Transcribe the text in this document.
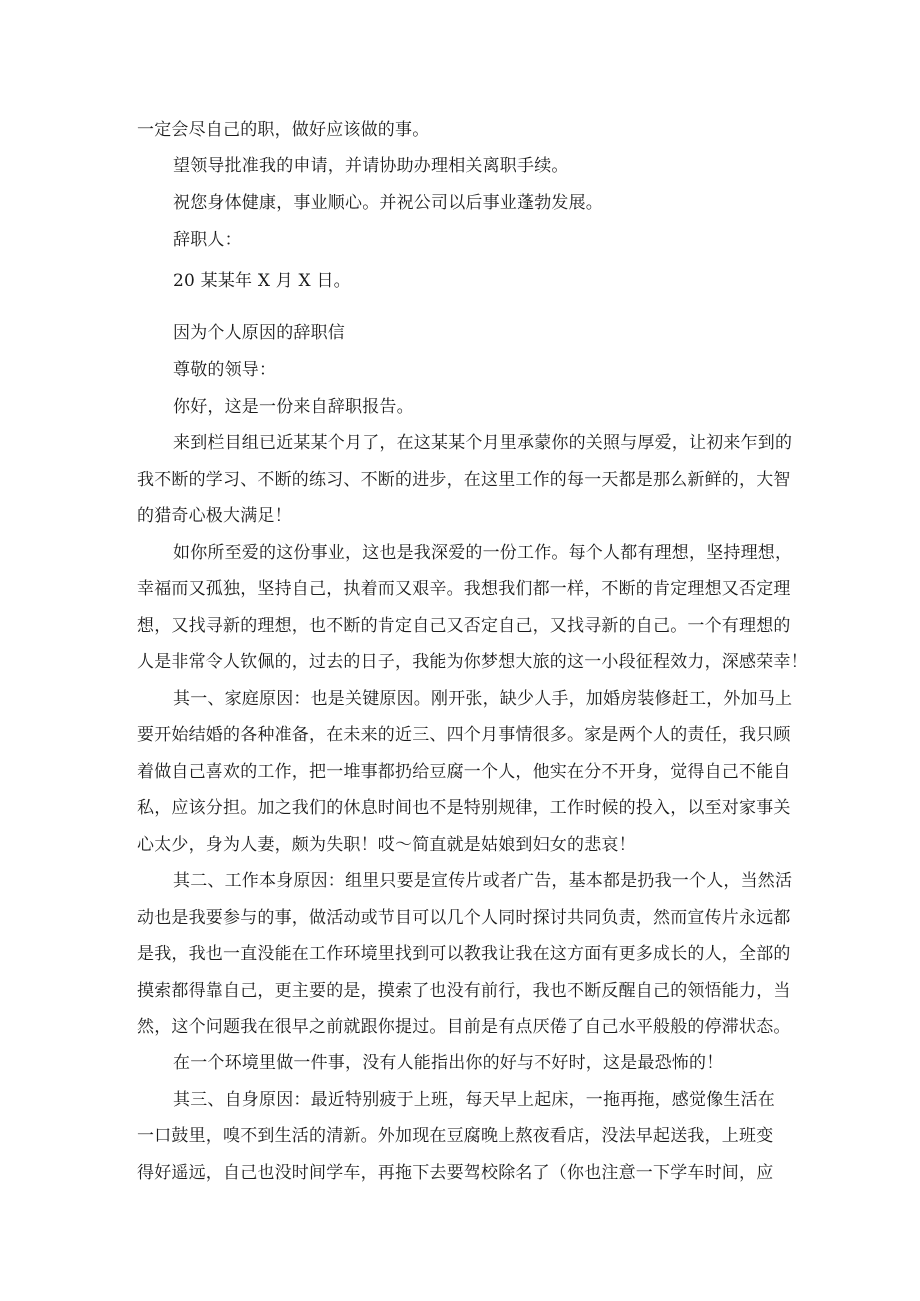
一定会尽自己的职，做好应该做的事。
望领导批准我的申请，并请协助办理相关离职手续。
祝您身体健康，事业顺心。并祝公司以后事业蓬勃发展。
辞职人：
20 某某年 X 月 X 日。
因为个人原因的辞职信
尊敬的领导：
你好，这是一份来自辞职报告。
来到栏目组已近某某个月了，在这某某个月里承蒙你的关照与厚爱，让初来乍到的
我不断的学习、不断的练习、不断的进步，在这里工作的每一天都是那么新鲜的，大智
的猎奇心极大满足！
如你所至爱的这份事业，这也是我深爱的一份工作。每个人都有理想，坚持理想，
幸福而又孤独，坚持自己，执着而又艰辛。我想我们都一样，不断的肯定理想又否定理
想，又找寻新的理想，也不断的肯定自己又否定自己，又找寻新的自己。一个有理想的
人是非常令人钦佩的，过去的日子，我能为你梦想大旅的这一小段征程效力，深感荣幸！
其一、家庭原因：也是关键原因。刚开张，缺少人手，加婚房装修赶工，外加马上
要开始结婚的各种准备，在未来的近三、四个月事情很多。家是两个人的责任，我只顾
着做自己喜欢的工作，把一堆事都扔给豆腐一个人，他实在分不开身，觉得自己不能自
私，应该分担。加之我们的休息时间也不是特别规律，工作时候的投入，以至对家事关
心太少，身为人妻，颇为失职！哎～简直就是姑娘到妇女的悲哀！
其二、工作本身原因：组里只要是宣传片或者广告，基本都是扔我一个人，当然活
动也是我要参与的事，做活动或节目可以几个人同时探讨共同负责，然而宣传片永远都
是我，我也一直没能在工作环境里找到可以教我让我在这方面有更多成长的人，全部的
摸索都得靠自己，更主要的是，摸索了也没有前行，我也不断反醒自己的领悟能力，当
然，这个问题我在很早之前就跟你提过。目前是有点厌倦了自己水平般般的停滞状态。
在一个环境里做一件事，没有人能指出你的好与不好时，这是最恐怖的！
其三、自身原因：最近特别疲于上班，每天早上起床，一拖再拖，感觉像生活在
一口鼓里，嗅不到生活的清新。外加现在豆腐晚上熬夜看店，没法早起送我，上班变
得好遥远，自己也没时间学车，再拖下去要驾校除名了（你也注意一下学车时间，应
